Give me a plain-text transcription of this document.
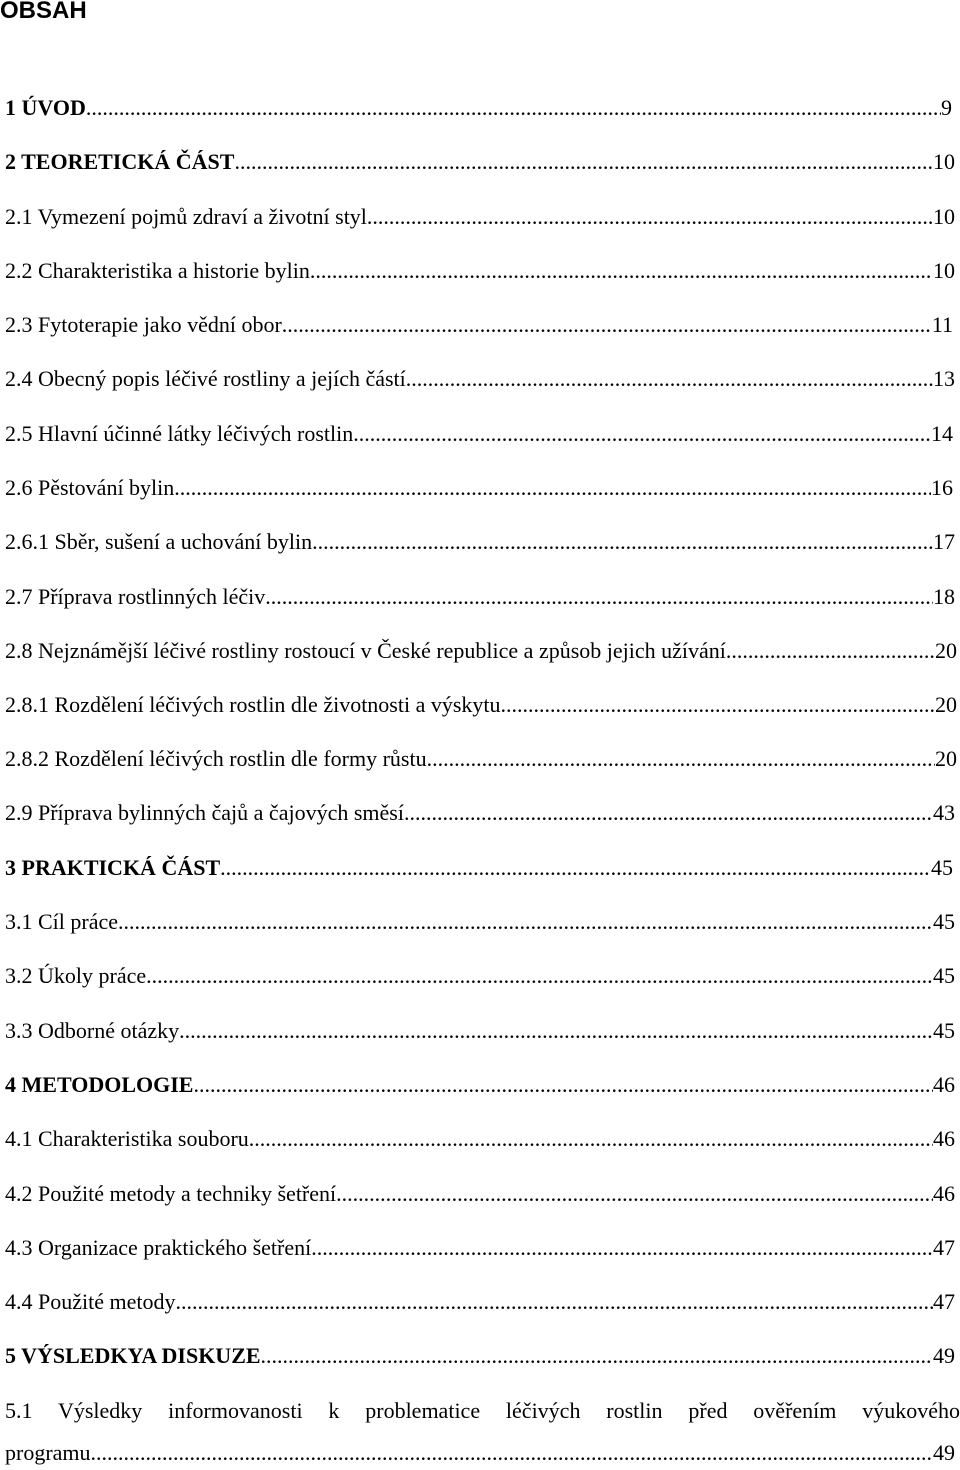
OBSAH
1 ÚVOD .....	9
2 TEORETICKÁ ČÁST .....	10
2.1 Vymezení pojmů zdraví a životní styl .....	10
2.2 Charakteristika a historie bylin .....	10
2.3 Fytoterapie jako vědní obor .....	11
2.4 Obecný popis léčivé rostliny a jejích částí .....	13
2.5 Hlavní účinné látky léčivých rostlin .....	14
2.6 Pěstování bylin .....	16
2.6.1 Sběr, sušení a uchování bylin .....	17
2.7 Příprava rostlinných léčiv .....	18
2.8 Nejznámější léčivé rostliny rostoucí v České republice a způsob jejich užívání .....	20
2.8.1 Rozdělení léčivých rostlin dle životnosti a výskytu .....	20
2.8.2 Rozdělení léčivých rostlin dle formy růstu .....	20
2.9 Příprava bylinných čajů a čajových směsí .....	43
3 PRAKTICKÁ ČÁST .....	45
3.1 Cíl práce .....	45
3.2 Úkoly práce .....	45
3.3 Odborné otázky .....	45
4 METODOLOGIE .....	46
4.1 Charakteristika souboru .....	46
4.2 Použité metody a techniky šetření .....	46
4.3 Organizace praktického šetření .....	47
4.4 Použité metody .....	47
5 VÝSLEDKYA DISKUZE .....	49
5.1 Výsledky informovanosti k problematice léčivých rostlin před ověřením výukového
programu .....	49
